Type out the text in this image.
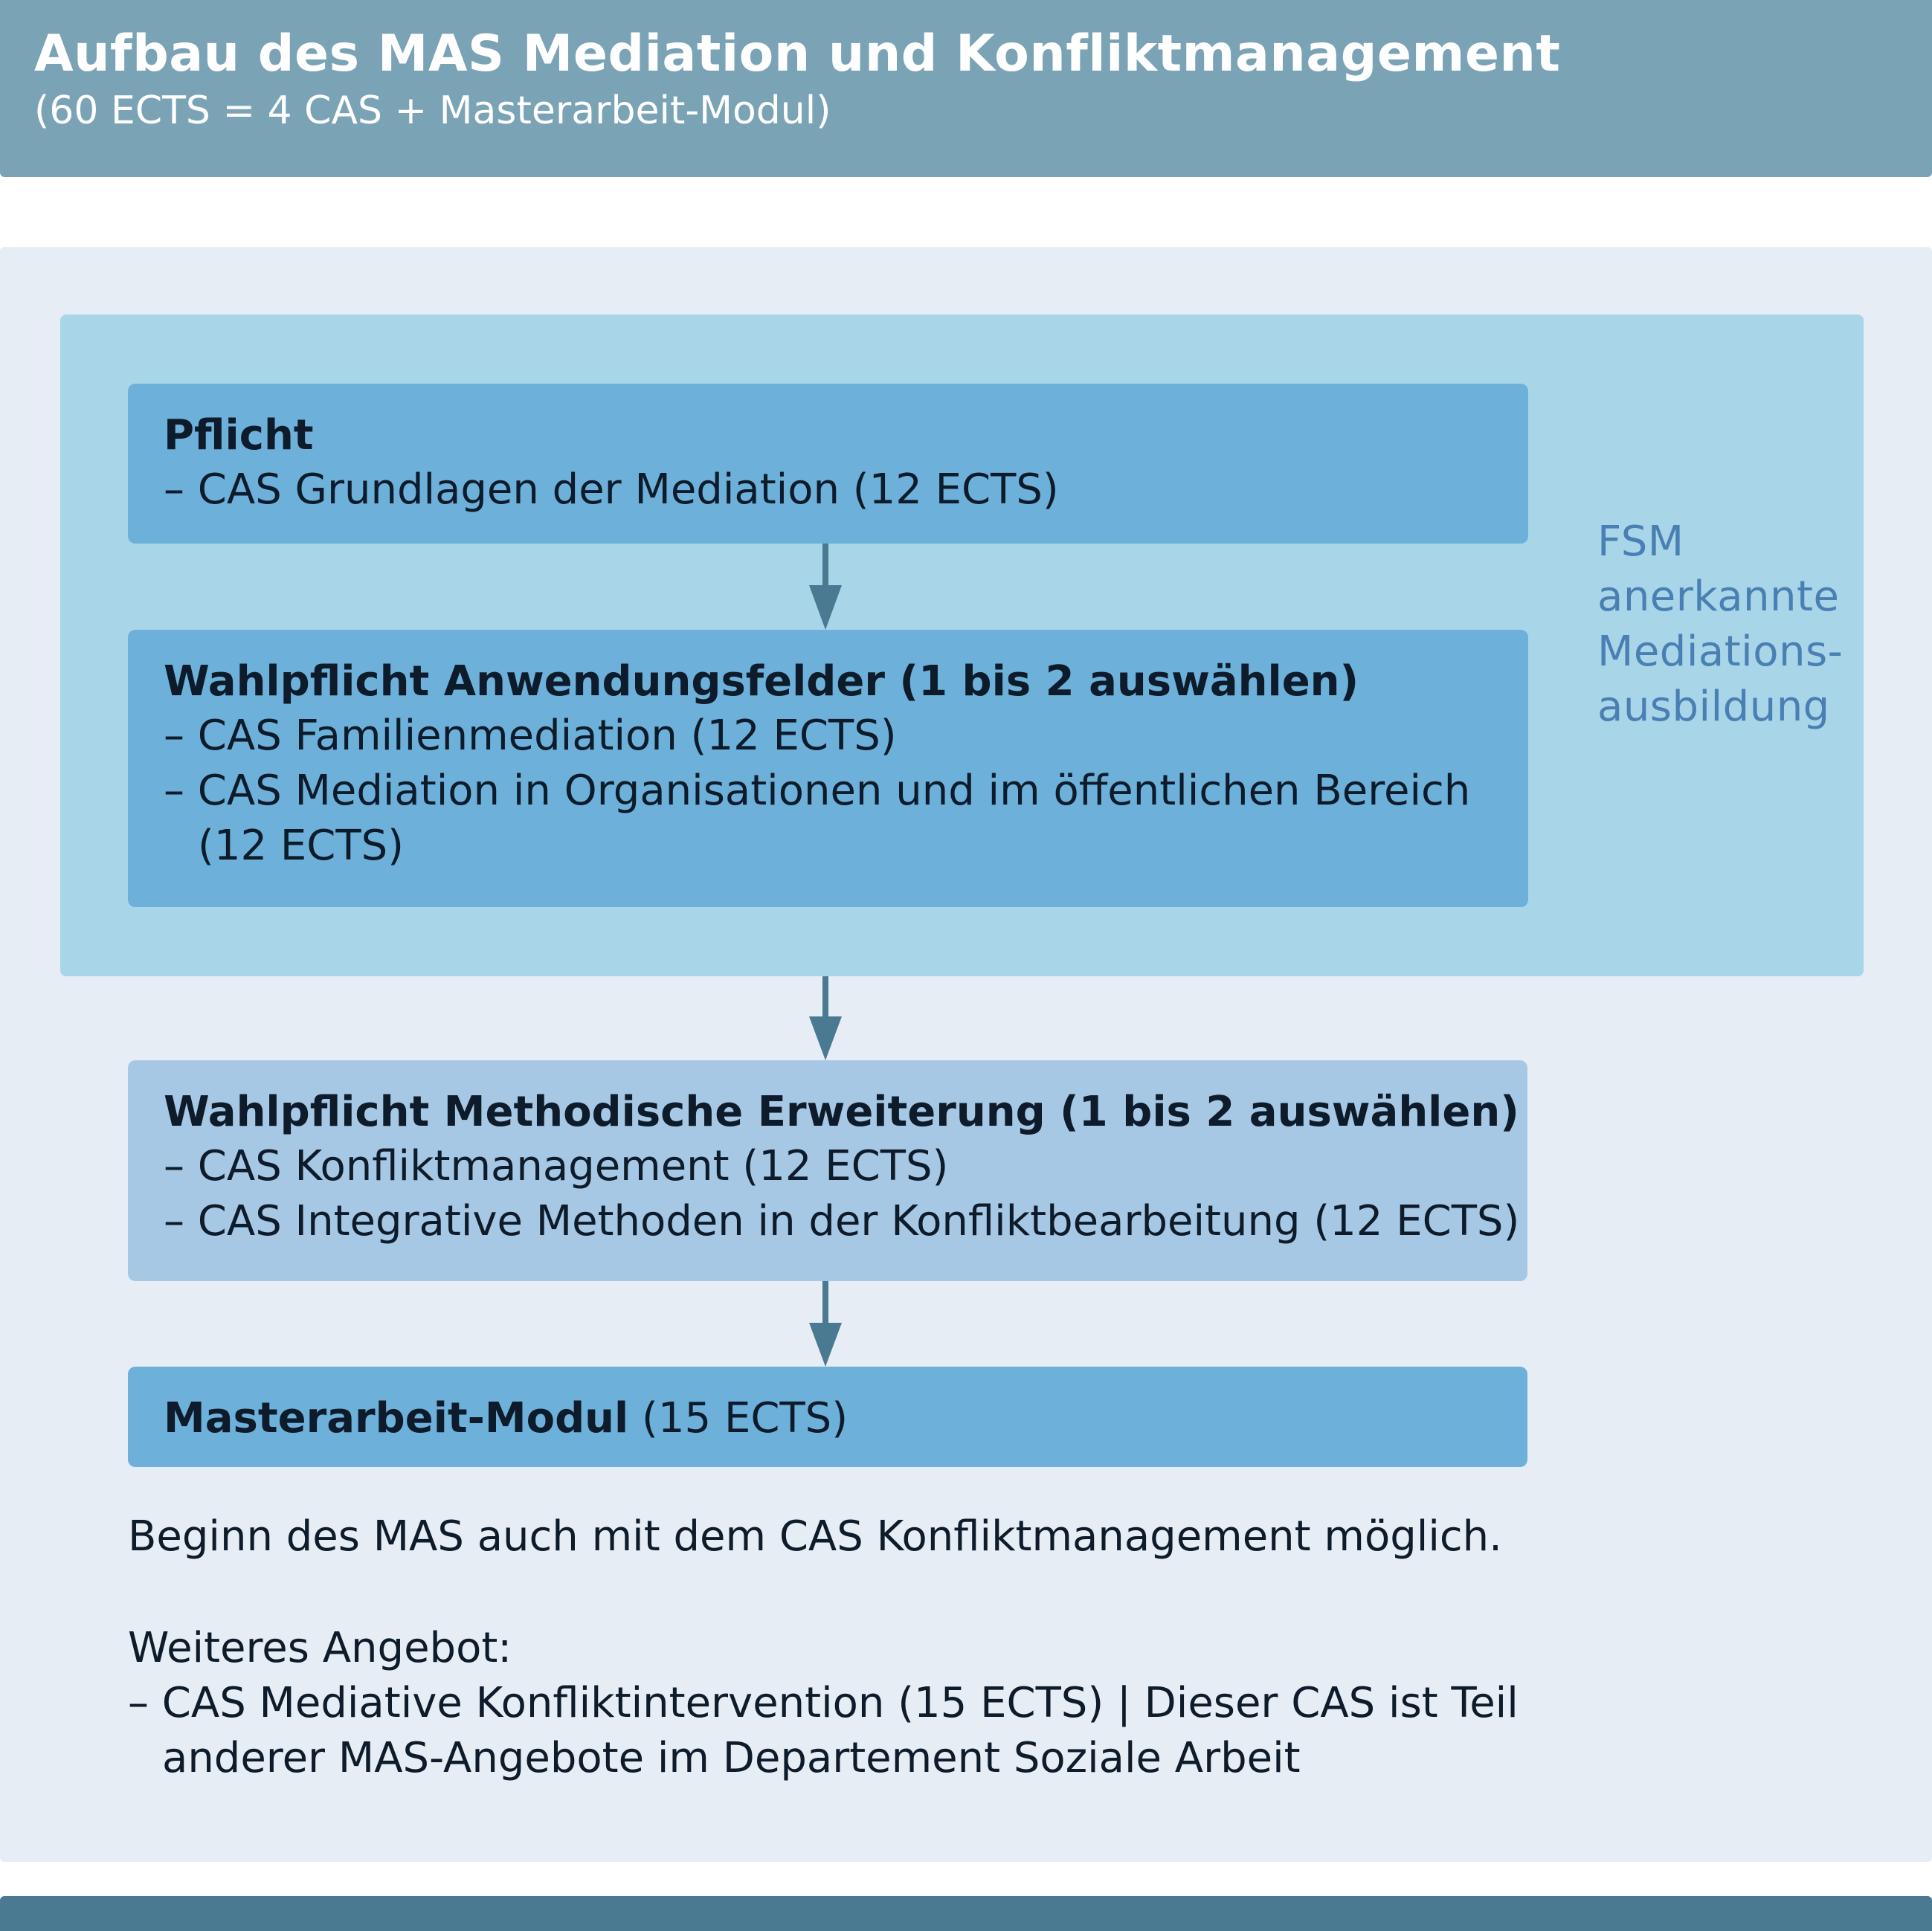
Aufbau des MAS Mediation und Konfliktmanagement
(60 ECTS = 4 CAS + Masterarbeit-Modul)
Pflicht
– CAS Grundlagen der Mediation (12 ECTS)
Wahlpflicht Anwendungsfelder (1 bis 2 auswählen)
– CAS Familienmediation (12 ECTS)
– CAS Mediation in Organisationen und im öffentlichen Bereich
(12 ECTS)
FSM
anerkannte
Mediations-
ausbildung
Wahlpflicht Methodische Erweiterung (1 bis 2 auswählen)
– CAS Konfliktmanagement (12 ECTS)
– CAS Integrative Methoden in der Konfliktbearbeitung (12 ECTS)
Masterarbeit-Modul (15 ECTS)
Beginn des MAS auch mit dem CAS Konfliktmanagement möglich.
Weiteres Angebot:
– CAS Mediative Konfliktintervention (15 ECTS) | Dieser CAS ist Teil
anderer MAS-Angebote im Departement Soziale Arbeit
